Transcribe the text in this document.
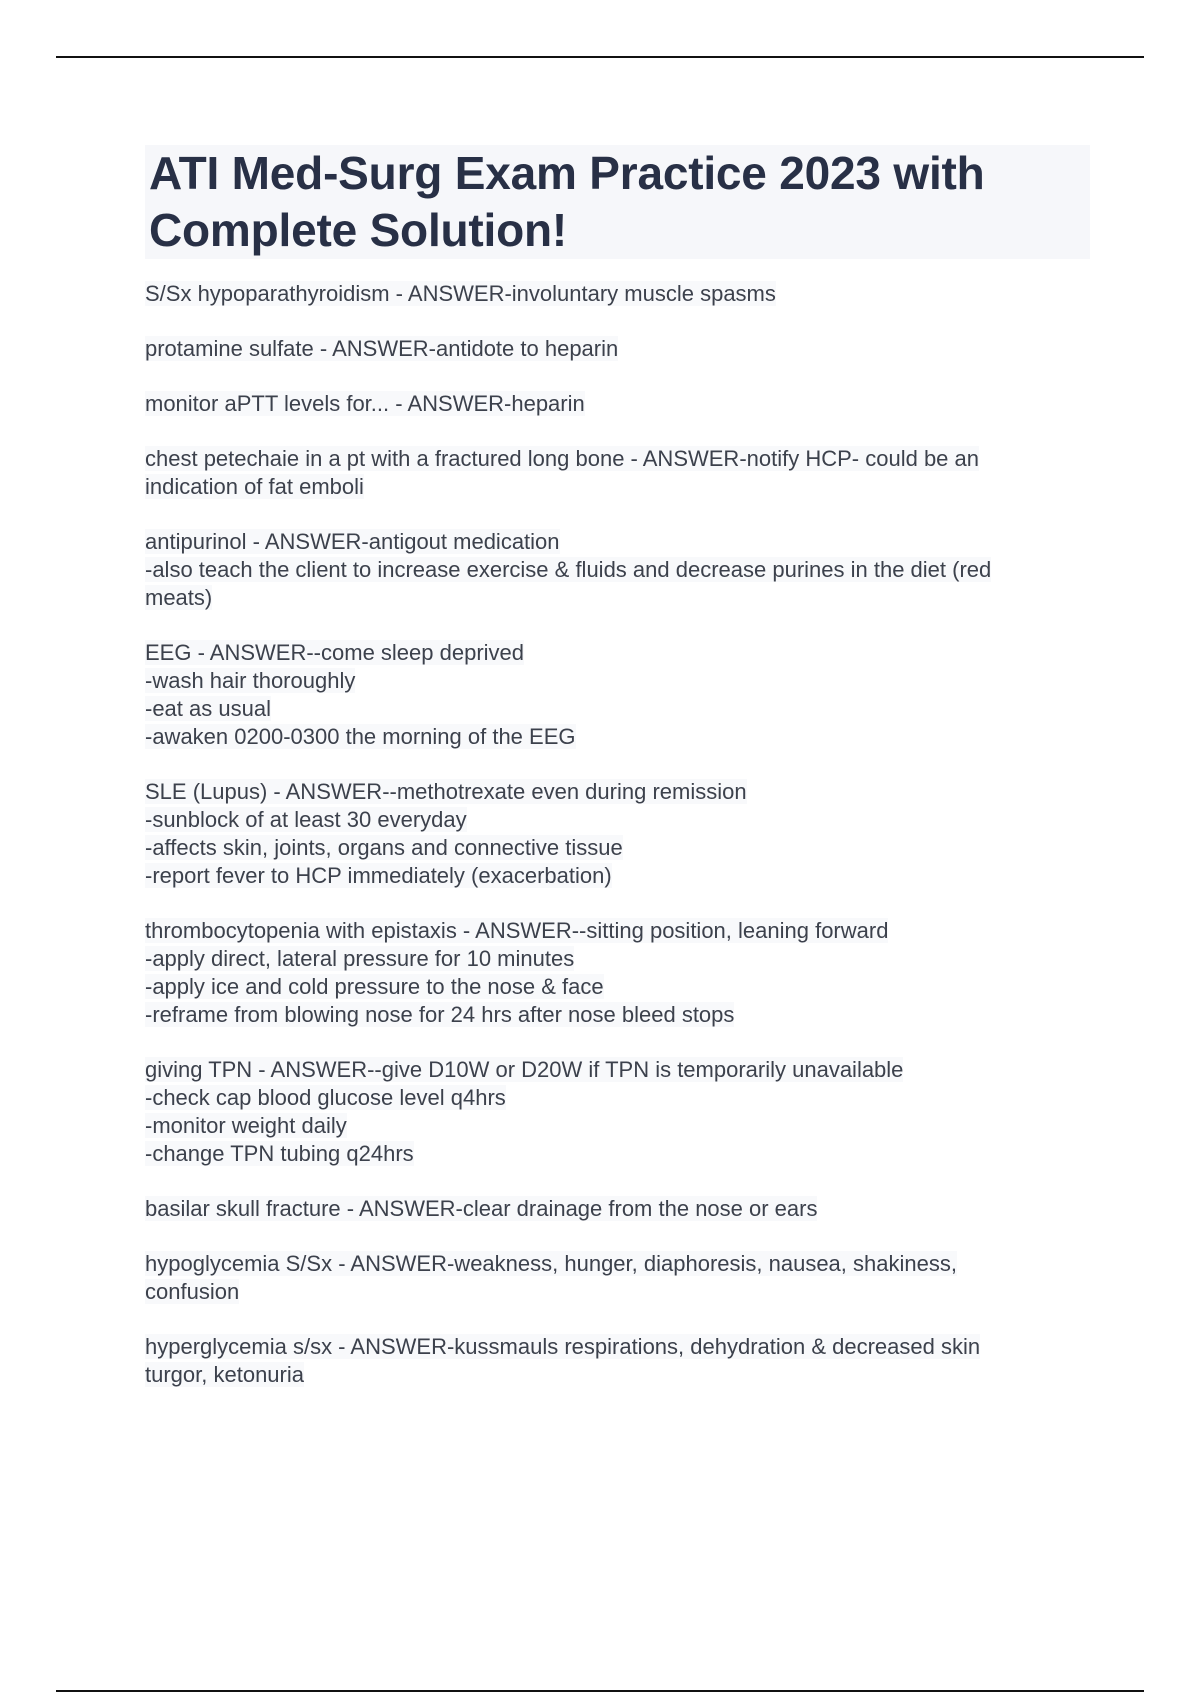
ATI Med-Surg Exam Practice 2023 with
Complete Solution!
S/Sx hypoparathyroidism - ANSWER-involuntary muscle spasms
protamine sulfate - ANSWER-antidote to heparin
monitor aPTT levels for... - ANSWER-heparin
chest petechaie in a pt with a fractured long bone - ANSWER-notify HCP- could be an
indication of fat emboli
antipurinol - ANSWER-antigout medication
-also teach the client to increase exercise & fluids and decrease purines in the diet (red
meats)
EEG - ANSWER--come sleep deprived
-wash hair thoroughly
-eat as usual
-awaken 0200-0300 the morning of the EEG
SLE (Lupus) - ANSWER--methotrexate even during remission
-sunblock of at least 30 everyday
-affects skin, joints, organs and connective tissue
-report fever to HCP immediately (exacerbation)
thrombocytopenia with epistaxis - ANSWER--sitting position, leaning forward
-apply direct, lateral pressure for 10 minutes
-apply ice and cold pressure to the nose & face
-reframe from blowing nose for 24 hrs after nose bleed stops
giving TPN - ANSWER--give D10W or D20W if TPN is temporarily unavailable
-check cap blood glucose level q4hrs
-monitor weight daily
-change TPN tubing q24hrs
basilar skull fracture - ANSWER-clear drainage from the nose or ears
hypoglycemia S/Sx - ANSWER-weakness, hunger, diaphoresis, nausea, shakiness,
confusion
hyperglycemia s/sx - ANSWER-kussmauls respirations, dehydration & decreased skin
turgor, ketonuria
